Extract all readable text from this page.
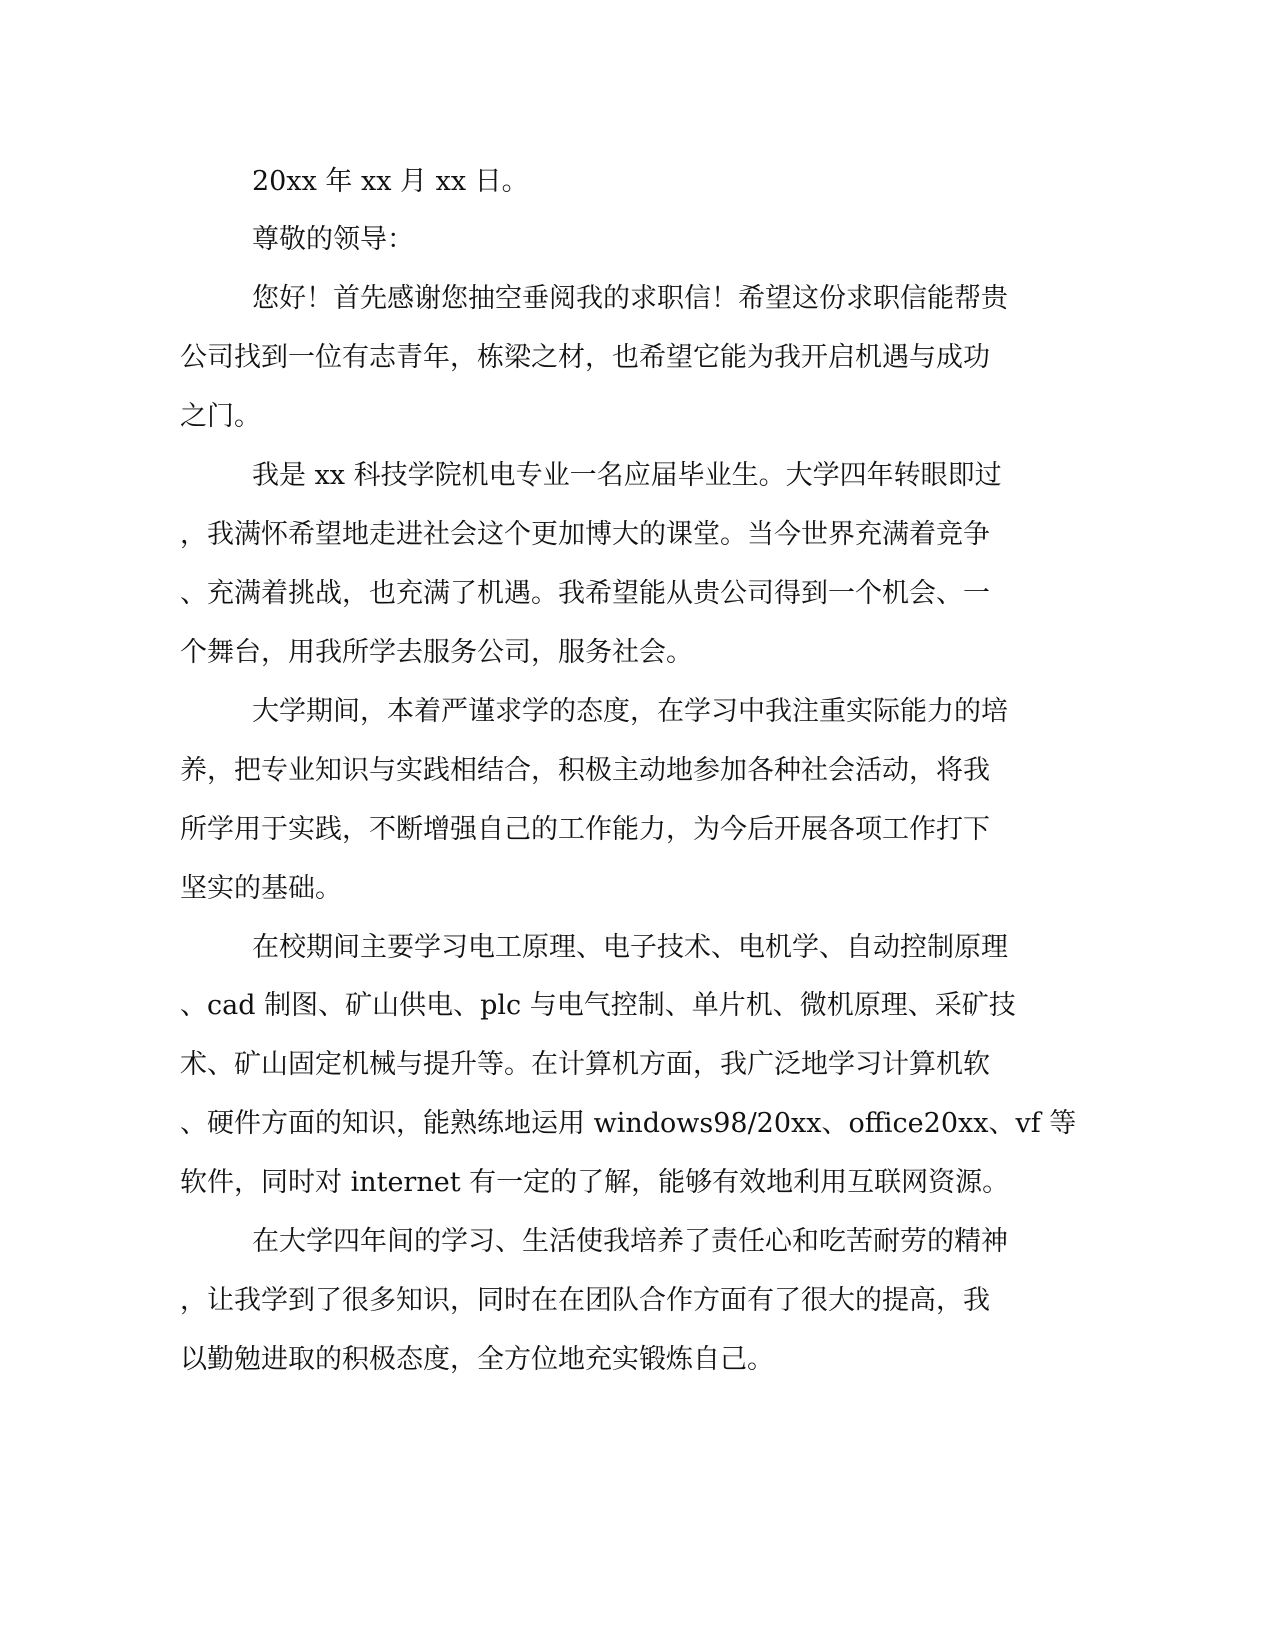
20xx 年 xx 月 xx 日。
尊敬的领导：
您好！首先感谢您抽空垂阅我的求职信！希望这份求职信能帮贵
公司找到一位有志青年，栋梁之材，也希望它能为我开启机遇与成功
之门。
我是 xx 科技学院机电专业一名应届毕业生。大学四年转眼即过
，我满怀希望地走进社会这个更加博大的课堂。当今世界充满着竞争
、充满着挑战，也充满了机遇。我希望能从贵公司得到一个机会、一
个舞台，用我所学去服务公司，服务社会。
大学期间，本着严谨求学的态度，在学习中我注重实际能力的培
养，把专业知识与实践相结合，积极主动地参加各种社会活动，将我
所学用于实践，不断增强自己的工作能力，为今后开展各项工作打下
坚实的基础。
在校期间主要学习电工原理、电子技术、电机学、自动控制原理
、cad 制图、矿山供电、plc 与电气控制、单片机、微机原理、采矿技
术、矿山固定机械与提升等。在计算机方面，我广泛地学习计算机软
、硬件方面的知识，能熟练地运用 windows98/20xx、office20xx、vf 等
软件，同时对 internet 有一定的了解，能够有效地利用互联网资源。
在大学四年间的学习、生活使我培养了责任心和吃苦耐劳的精神
，让我学到了很多知识，同时在在团队合作方面有了很大的提高，我
以勤勉进取的积极态度，全方位地充实锻炼自己。
